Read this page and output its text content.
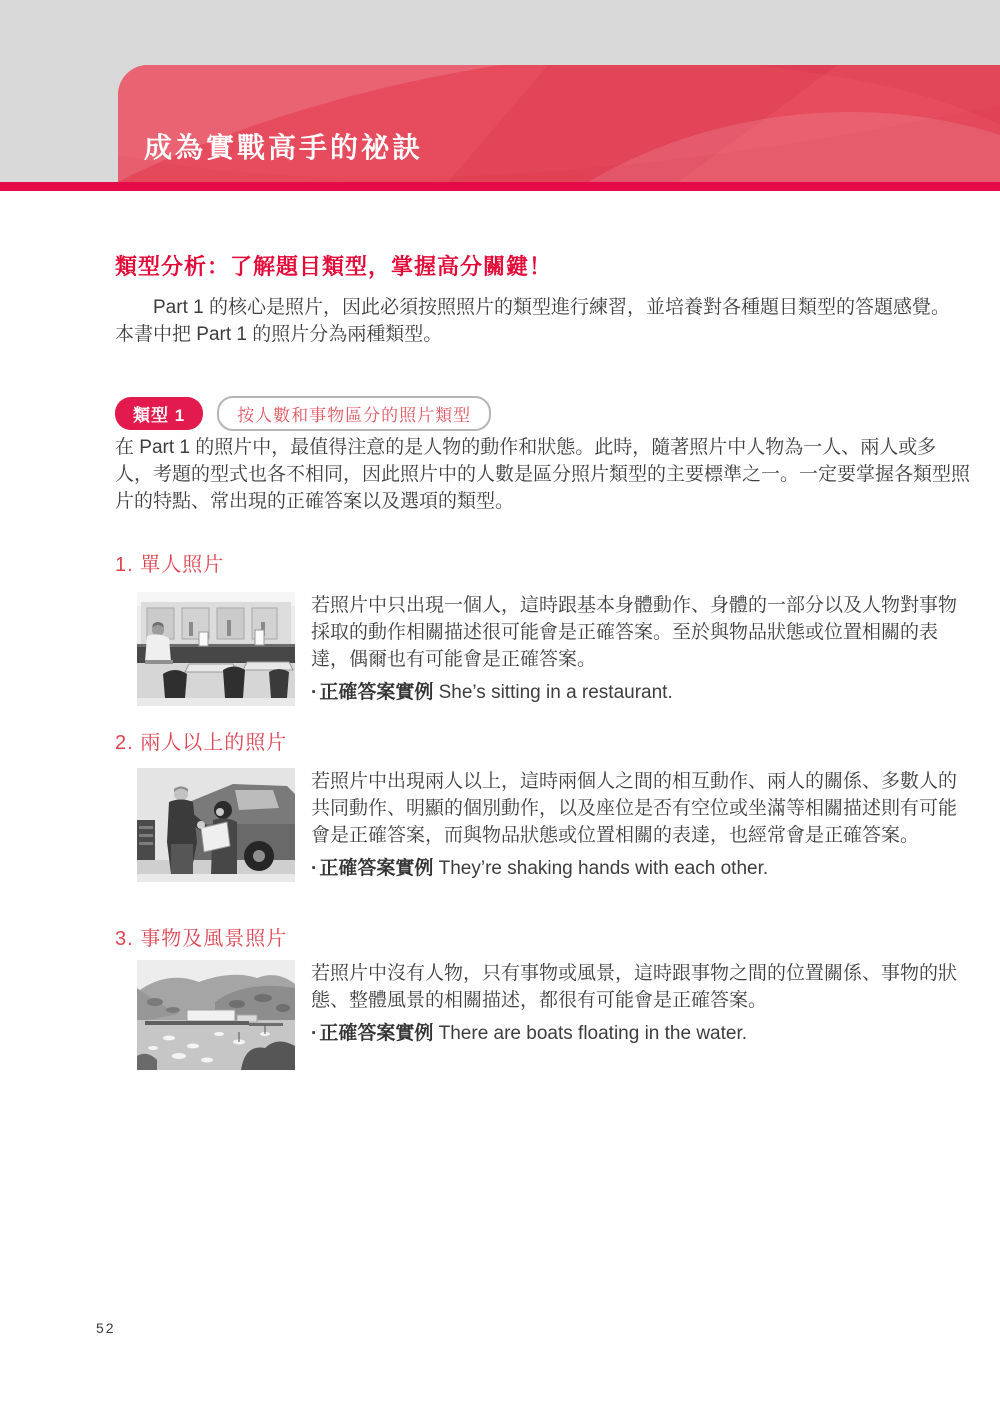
成為實戰高手的祕訣
類型分析：了解題目類型，掌握高分關鍵！

Part 1 的核心是照片，因此必須按照照片的類型進行練習，並培養對各種題目類型的答題感覺。本書中把 Part 1 的照片分為兩種類型。

類型 1	按人數和事物區分的照片類型

在 Part 1 的照片中，最值得注意的是人物的動作和狀態。此時，隨著照片中人物為一人、兩人或多人，考題的型式也各不相同，因此照片中的人數是區分照片類型的主要標準之一。一定要掌握各類型照片的特點、常出現的正確答案以及選項的類型。

1. 單人照片

若照片中只出現一個人，這時跟基本身體動作、身體的一部分以及人物對事物採取的動作相關描述很可能會是正確答案。至於與物品狀態或位置相關的表達，偶爾也有可能會是正確答案。

· 正確答案實例 She’s sitting in a restaurant.

2. 兩人以上的照片

若照片中出現兩人以上，這時兩個人之間的相互動作、兩人的關係、多數人的共同動作、明顯的個別動作，以及座位是否有空位或坐滿等相關描述則有可能會是正確答案，而與物品狀態或位置相關的表達，也經常會是正確答案。

· 正確答案實例 They’re shaking hands with each other.

3. 事物及風景照片

若照片中沒有人物，只有事物或風景，這時跟事物之間的位置關係、事物的狀態、整體風景的相關描述，都很有可能會是正確答案。

· 正確答案實例 There are boats floating in the water.

52
